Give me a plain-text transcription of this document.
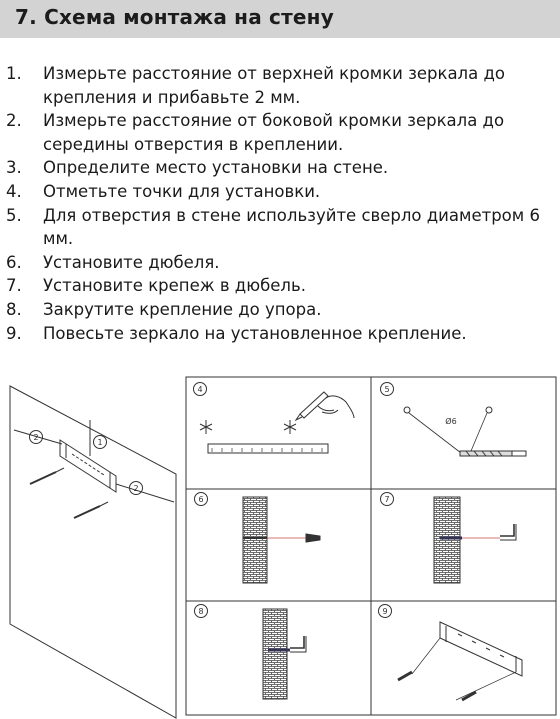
7. Схема монтажа на стену
1. Измерьте расстояние от верхней кромки зеркала до крепления и прибавьте 2 мм.
2. Измерьте расстояние от боковой кромки зеркала до середины отверстия в креплении.
3. Определите место установки на стене.
4. Отметьте точки для установки.
5. Для отверстия в стене используйте сверло диаметром 6 мм.
6. Установите дюбеля.
7. Установите крепеж в дюбель.
8. Закрутите крепление до упора.
9. Повесьте зеркало на установленное крепление.
1
2
2
4	5
Ø6
6	7
8	9
